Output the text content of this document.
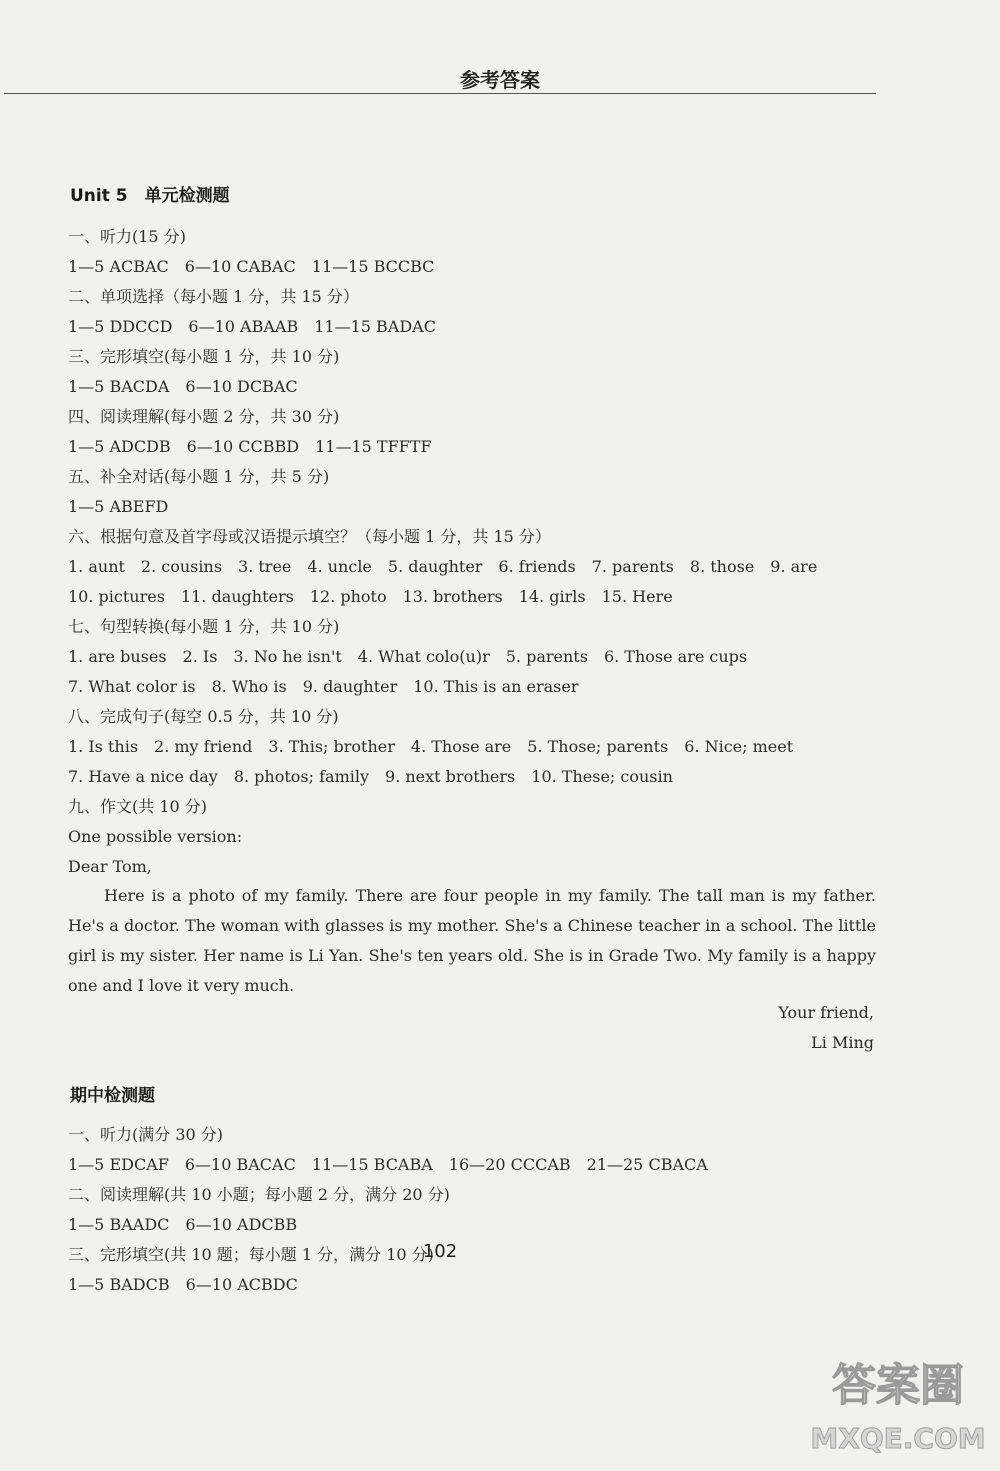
参考答案
Unit 5　单元检测题
一、听力(15 分)
1—5 ACBAC　6—10 CABAC　11—15 BCCBC
二、单项选择（每小题 1 分，共 15 分）
1—5 DDCCD　6—10 ABAAB　11—15 BADAC
三、完形填空(每小题 1 分，共 10 分)
1—5 BACDA　6—10 DCBAC
四、阅读理解(每小题 2 分，共 30 分)
1—5 ADCDB　6—10 CCBBD　11—15 TFFTF
五、补全对话(每小题 1 分，共 5 分)
1—5 ABEFD
六、根据句意及首字母或汉语提示填空？（每小题 1 分，共 15 分）
1. aunt　2. cousins　3. tree　4. uncle　5. daughter　6. friends　7. parents　8. those　9. are
10. pictures　11. daughters　12. photo　13. brothers　14. girls　15. Here
七、句型转换(每小题 1 分，共 10 分)
1. are buses　2. Is　3. No he isn't　4. What colo(u)r　5. parents　6. Those are cups
7. What color is　8. Who is　9. daughter　10. This is an eraser
八、完成句子(每空 0.5 分，共 10 分)
1. Is this　2. my friend　3. This; brother　4. Those are　5. Those; parents　6. Nice; meet
7. Have a nice day　8. photos; family　9. next brothers　10. These; cousin
九、作文(共 10 分)
One possible version:
Dear Tom,
Here is a photo of my family. There are four people in my family. The tall man is my father. He's a doctor. The woman with glasses is my mother. She's a Chinese teacher in a school. The little girl is my sister. Her name is Li Yan. She's ten years old. She is in Grade Two. My family is a happy one and I love it very much.
Your friend,
Li Ming
期中检测题
一、听力(满分 30 分)
1—5 EDCAF　6—10 BACAC　11—15 BCABA　16—20 CCCAB　21—25 CBACA
二、阅读理解(共 10 小题；每小题 2 分，满分 20 分)
1—5 BAADC　6—10 ADCBB
三、完形填空(共 10 题；每小题 1 分，满分 10 分)
1—5 BADCB　6—10 ACBDC
102
答案圈
MXQE.COM
